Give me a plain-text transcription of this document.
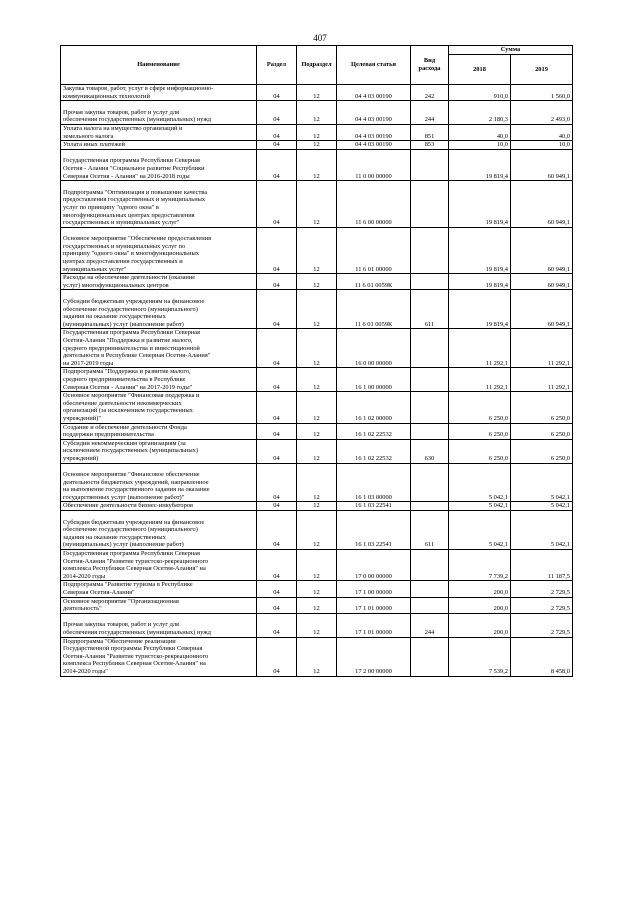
407
Наименование	Раздел	Подраздел	Целевая статья	Вид
расхода	Сумма	
					2018	2019
Закупка товаров, работ, услуг в сфере информационно-
коммуникационных технологий	04	12	04 4 03 00190	242	910,0	1 560,0

Прочая закупка товаров, работ и услуг для
обеспечения государственных (муниципальных) нужд	04	12	04 4 03 00190	244	2 180,3	2 493,0
Уплата налога на имущество организаций и
земельного налога	04	12	04 4 03 00190	851	40,0	40,0
Уплата иных платежей	04	12	04 4 03 00190	853	10,0	10,0

Государственная программа Республики Северная
Осетия - Алания "Социальное развитие Республики
Северная Осетия - Алания" на 2016-2018 годы	04	12	11 0 00 00000		19 819,4	60 949,1

Подпрограмма "Оптимизация и повышение качества
предоставления государственных и муниципальных
услуг по принципу "одного окна" в
многофункциональных центрах предоставления
государственных и муниципальных услуг"	04	12	11 6 00 00000		19 819,4	60 949,1

Основное мероприятие "Обеспечение предоставления
государственных и муниципальных услуг по
принципу "одного окна" в многофункциональных
центрах предоставления государственных и
муниципальных услуг"	04	12	11 6 01 00000		19 819,4	60 949,1
Расходы на обеспечение деятельности (оказание
услуг) многофункциональных центров	04	12	11 6 01 0059К		19 819,4	60 949,1

Субсидии бюджетным учреждениям на финансовое
обеспечение государственного (муниципального)
задания на оказание государственных
(муниципальных) услуг (выполнение работ)	04	12	11 6 01 0059К	611	19 819,4	60 949,1
Государственная программа Республики Северная
Осетия-Алания "Поддержка и развитие малого,
среднего предпринимательства и инвестиционной
деятельности в Республике Северная Осетия-Алания"
на 2017-2019 годы	04	12	16 0 00 00000		11 292,1	11 292,1
Подпрограмма "Поддержка и развитие малого,
среднего предпринимательства в Республике
Северная Осетия - Алания" на 2017-2019 годы"	04	12	16 1 00 00000		11 292,1	11 292,1
Основное мероприятие "Финансовая поддержка и
обеспечение деятельности некоммерческих
организаций (за исключением государственных
учреждений)"	04	12	16 1 02 00000		6 250,0	6 250,0
Создание и обеспечение деятельности Фонда
поддержки предпринимательства	04	12	16 1 02 22532		6 250,0	6 250,0
Субсидии некоммерческим организациям (за
исключением государственных (муниципальных)
учреждений)	04	12	16 1 02 22532	630	6 250,0	6 250,0

Основное мероприятие "Финансовое обеспечение
деятельности бюджетных учреждений, направленное
на выполнение государственного задания на оказание
государственных услуг (выполнение работ)"	04	12	16 1 03 00000		5 042,1	5 042,1
Обеспечение деятельности бизнес-инкубаторов	04	12	16 1 03 22541		5 042,1	5 042,1

Субсидии бюджетным учреждениям на финансовое
обеспечение государственного (муниципального)
задания на оказание государственных
(муниципальных) услуг (выполнение работ)	04	12	16 1 03 22541	611	5 042,1	5 042,1
Государственная программа Республики Северная
Осетия-Алания "Развитие туристско-рекреационного
комплекса Республики Северная Осетия-Алания" на
2014-2020 годы	04	12	17 0 00 00000		7 739,2	11 187,5
Подпрограмма "Развитие туризма в Республике
Северная Осетия-Алания"	04	12	17 1 00 00000		200,0	2 729,5
Основное мероприятие "Организационная
деятельность"	04	12	17 1 01 00000		200,0	2 729,5

Прочая закупка товаров, работ и услуг для
обеспечения государственных (муниципальных) нужд	04	12	17 1 01 00000	244	200,0	2 729,5
Подпрограмма "Обеспечение реализации
Государственной программы Республики Северная
Осетия-Алания "Развитие туристско-рекреационного
комплекса Республики Северная Осетия-Алания" на
2014-2020 годы"	04	12	17 2 00 00000		7 539,2	8 458,0
